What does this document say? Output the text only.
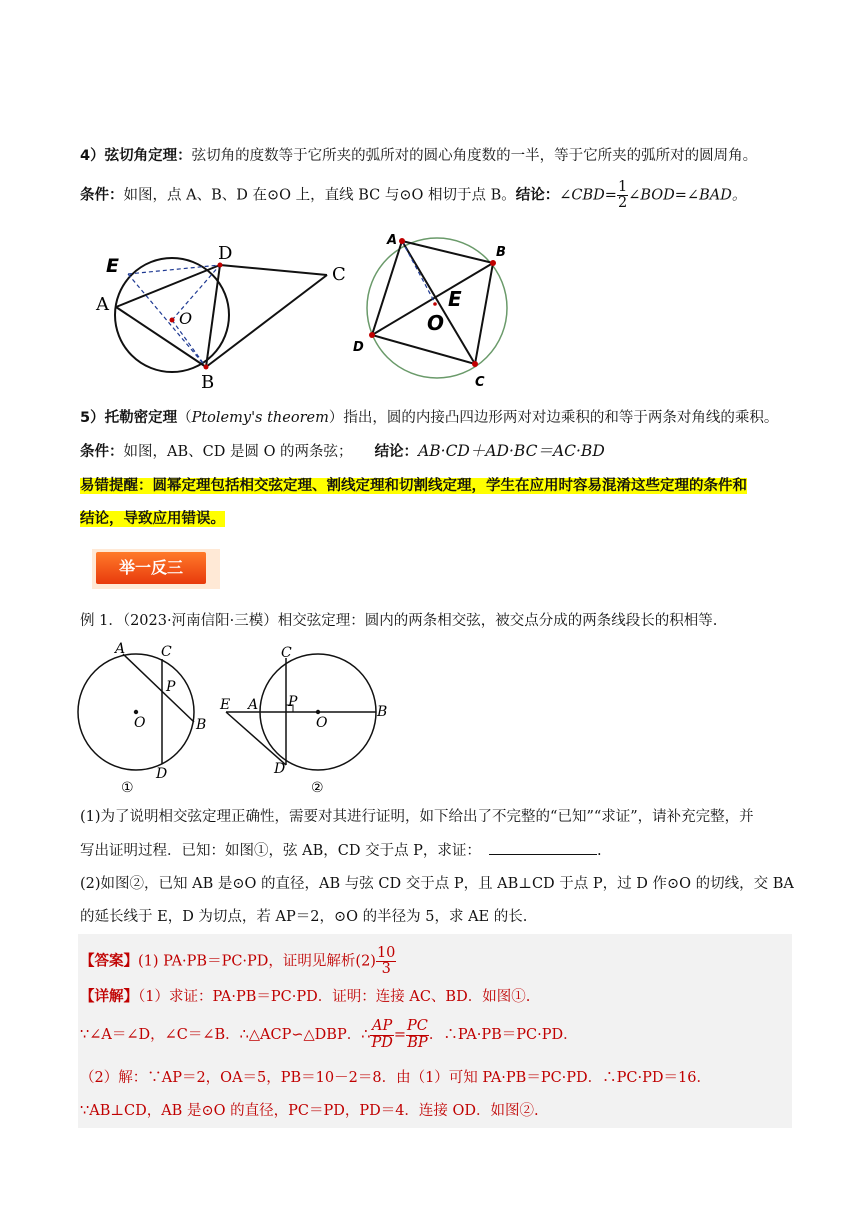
4）弦切角定理：弦切角的度数等于它所夹的弧所对的圆心角度数的一半，等于它所夹的弧所对的圆周角。
条件：如图，点 A、B、D 在⊙O 上，直线 BC 与⊙O 相切于点 B。结论：∠CBD= $\frac{1}{2}$ ∠BOD=∠BAD。
E
D
C
A
O
B
A
B
E
O
D
C
5）托勒密定理（Ptolemy's theorem）指出，圆的内接凸四边形两对对边乘积的和等于两条对角线的乘积。
条件：如图，AB、CD 是圆 O 的两条弦； 结论：AB·CD＋AD·BC＝AC·BD
易错提醒：圆幂定理包括相交弦定理、割线定理和切割线定理，学生在应用时容易混淆这些定理的条件和
结论，导致应用错误。
举一反三
例 1．（2023·河南信阳·三模）相交弦定理：圆内的两条相交弦，被交点分成的两条线段长的积相等.
A	C
P
O	B
D
①
C
E A P
O
B
D
②
(1)为了说明相交弦定理正确性，需要对其进行证明，如下给出了不完整的“已知”“求证”，请补充完整，并
写出证明过程．已知：如图①，弦 AB，CD 交于点 P，求证：	.
(2)如图②，已知 AB 是⊙O 的直径，AB 与弦 CD 交于点 P，且 AB⊥CD 于点 P，过 D 作⊙O 的切线，交 BA
的延长线于 E，D 为切点，若 AP＝2，⊙O 的半径为 5，求 AE 的长.
【答案】(1) PA·PB＝PC·PD，证明见解析$(2) \frac{10}{3}$
【详解】（1）求证：PA·PB＝PC·PD．证明：连接 AC、BD．如图①.
∵∠A＝∠D，∠C＝∠B．∴△ACP∽△DBP．∴ $\frac{AP}{PD} = \frac{PC}{BP}$ ．∴PA·PB＝PC·PD．
（2）解：∵AP＝2，OA＝5，PB＝10－2＝8．由（1）可知 PA·PB＝PC·PD．∴PC·PD＝16．
∵AB⊥CD，AB 是⊙O 的直径，PC＝PD，PD＝4．连接 OD．如图②.
